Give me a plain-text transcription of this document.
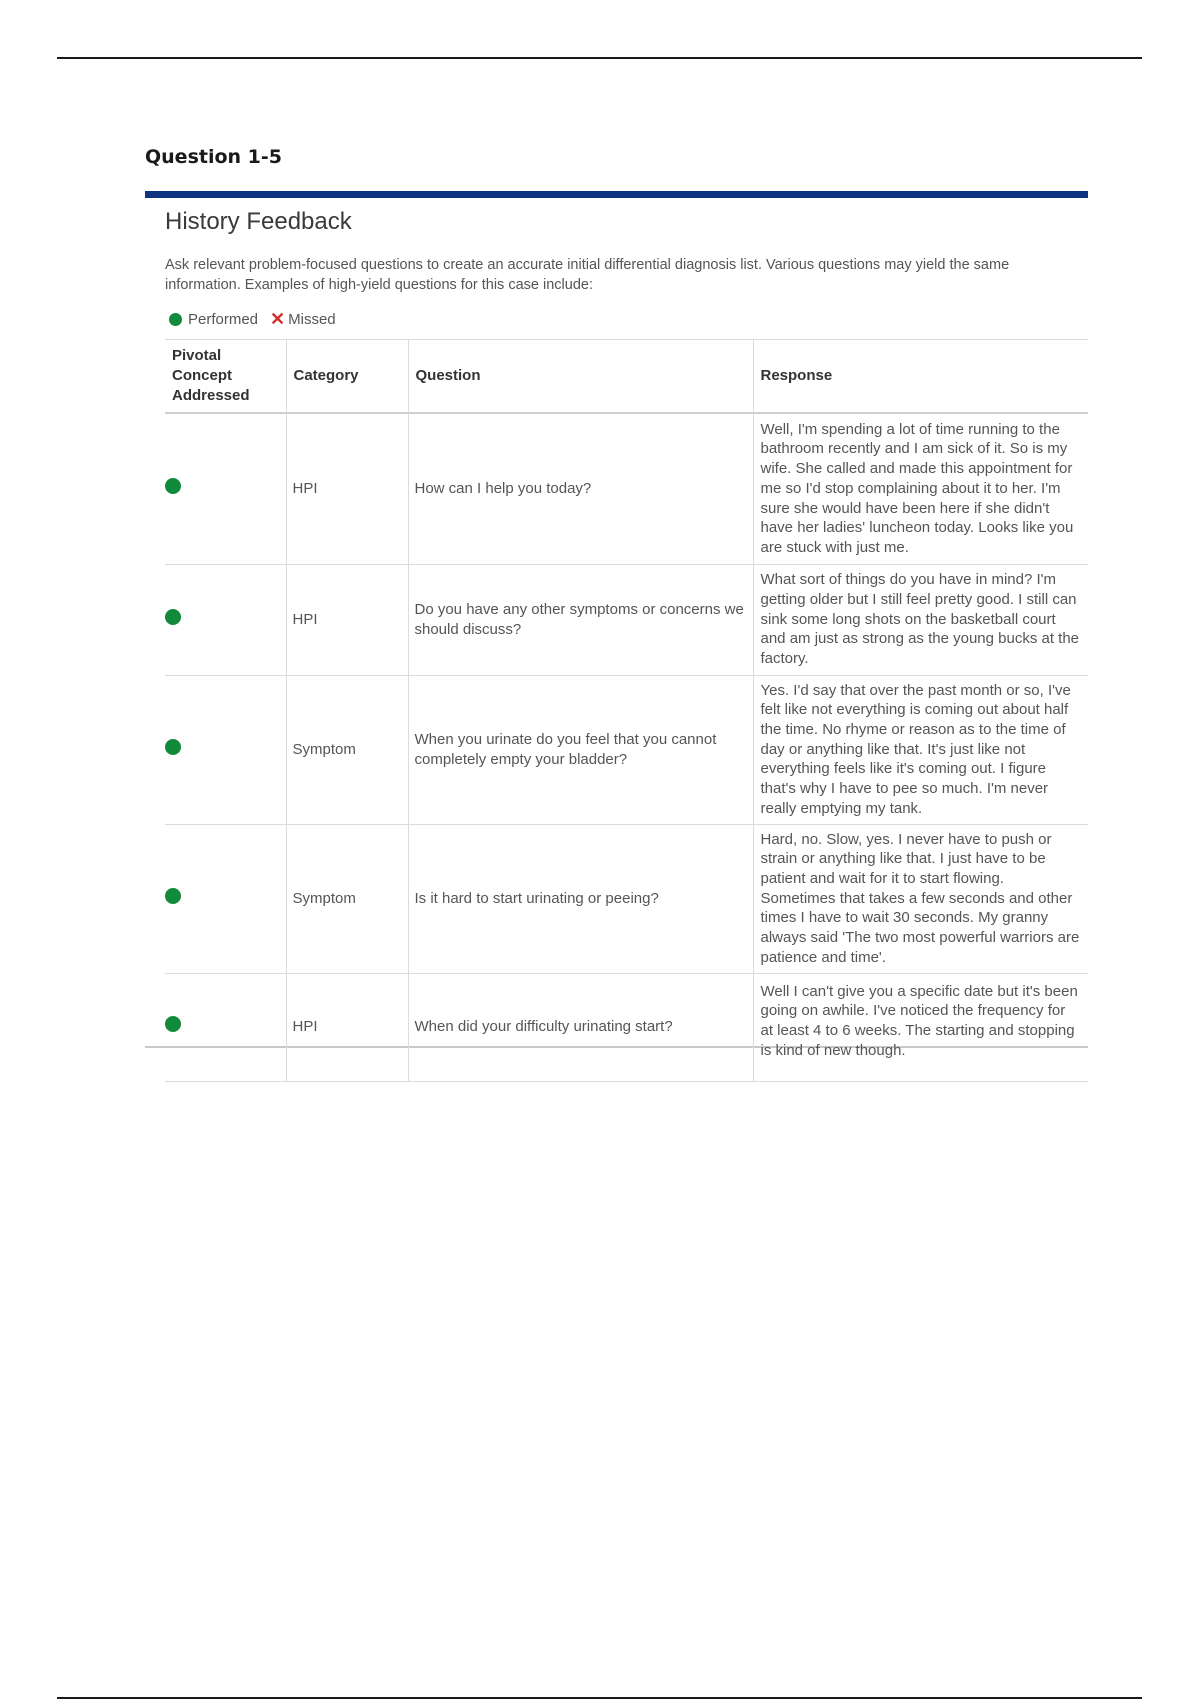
Question 1-5
History Feedback
Ask relevant problem-focused questions to create an accurate initial differential diagnosis list. Various questions may yield the same
information. Examples of high-yield questions for this case include:
Performed ✕ Missed
Pivotal Concept Addressed	Category	Question	Response
	HPI	How can I help you today?	Well, I'm spending a lot of time running to the bathroom recently and I am sick of it. So is my wife. She called and made this appointment for me so I'd stop complaining about it to her. I'm sure she would have been here if she didn't have her ladies' luncheon today. Looks like you are stuck with just me.
	HPI	Do you have any other symptoms or concerns we should discuss?	What sort of things do you have in mind? I'm getting older but I still feel pretty good. I still can sink some long shots on the basketball court and am just as strong as the young bucks at the factory.
	Symptom	When you urinate do you feel that you cannot completely empty your bladder?	Yes. I'd say that over the past month or so, I've felt like not everything is coming out about half the time. No rhyme or reason as to the time of day or anything like that. It's just like not everything feels like it's coming out. I figure that's why I have to pee so much. I'm never really emptying my tank.
	Symptom	Is it hard to start urinating or peeing?	Hard, no. Slow, yes. I never have to push or strain or anything like that. I just have to be patient and wait for it to start flowing. Sometimes that takes a few seconds and other times I have to wait 30 seconds. My granny always said 'The two most powerful warriors are patience and time'.
	HPI	When did your difficulty urinating start?	Well I can't give you a specific date but it's been going on awhile. I've noticed the frequency for at least 4 to 6 weeks. The starting and stopping is kind of new though.
